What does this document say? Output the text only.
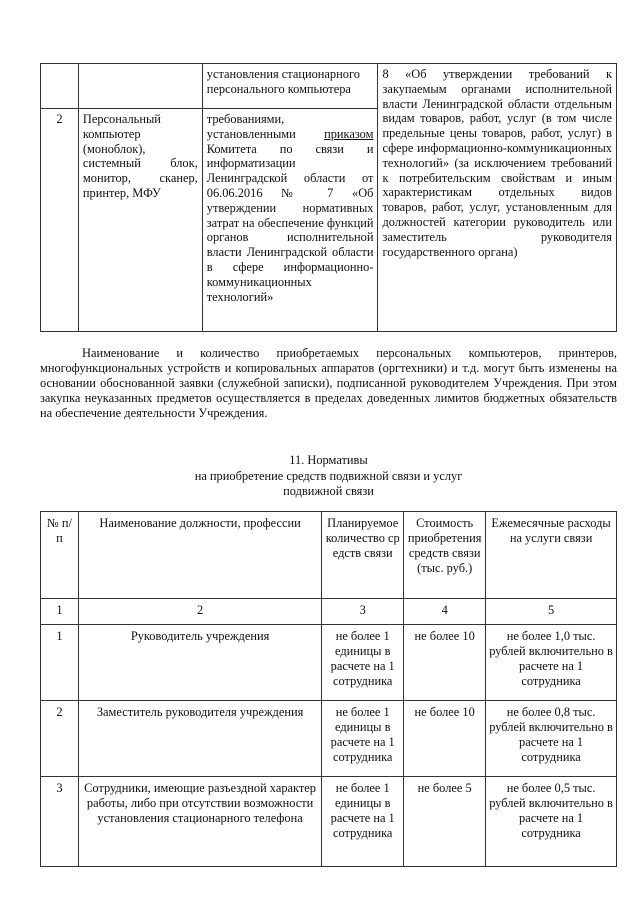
		установления стационарного персонального компьютера	8 «Об утверждении требований к закупаемым органами исполнительной власти Ленинградской области отдельным видам товаров, работ, услуг (в том числе предельные цены товаров, работ, услуг) в сфере информационно-коммуникационных технологий» (за исключением требований к потребительским свойствам и иным характеристикам отдельных видов товаров, работ, услуг, установленным для должностей категории руководитель или заместитель руководителя государственного органа)
2	Персональный компьютер (моноблок), системный блок, монитор, сканер, принтер, МФУ	требованиями, установленными приказом Комитета по связи и информатизации Ленинградской области от 06.06.2016 № 7 «Об утверждении нормативных затрат на обеспечение функций органов исполнительной власти Ленинградской области в сфере информационно-коммуникационных технологий»	
Наименование и количество приобретаемых персональных компьютеров, принтеров, многофункциональных устройств и копировальных аппаратов (оргтехники) и т.д. могут быть изменены на основании обоснованной заявки (служебной записки), подписанной руководителем Учреждения. При этом закупка неуказанных предметов осуществляется в пределах доведенных лимитов бюджетных обязательств на обеспечение деятельности Учреждения.
11. Нормативы
на приобретение средств подвижной связи и услуг
подвижной связи
№ п/п	Наименование должности, профессии	Планируемое количество средств связи	Стоимость приобретения средств связи (тыс. руб.)	Ежемесячные расходы на услуги связи
1	2	3	4	5
1	Руководитель учреждения	не более 1 единицы в расчете на 1 сотрудника	не более 10	не более 1,0 тыс. рублей включительно в расчете на 1 сотрудника
2	Заместитель руководителя учреждения	не более 1 единицы в расчете на 1 сотрудника	не более 10	не более 0,8 тыс. рублей включительно в расчете на 1 сотрудника
3	Сотрудники, имеющие разъездной характер работы, либо при отсутствии возможности установления стационарного телефона	не более 1 единицы в расчете на 1 сотрудника	не более 5	не более 0,5 тыс. рублей включительно в расчете на 1 сотрудника
